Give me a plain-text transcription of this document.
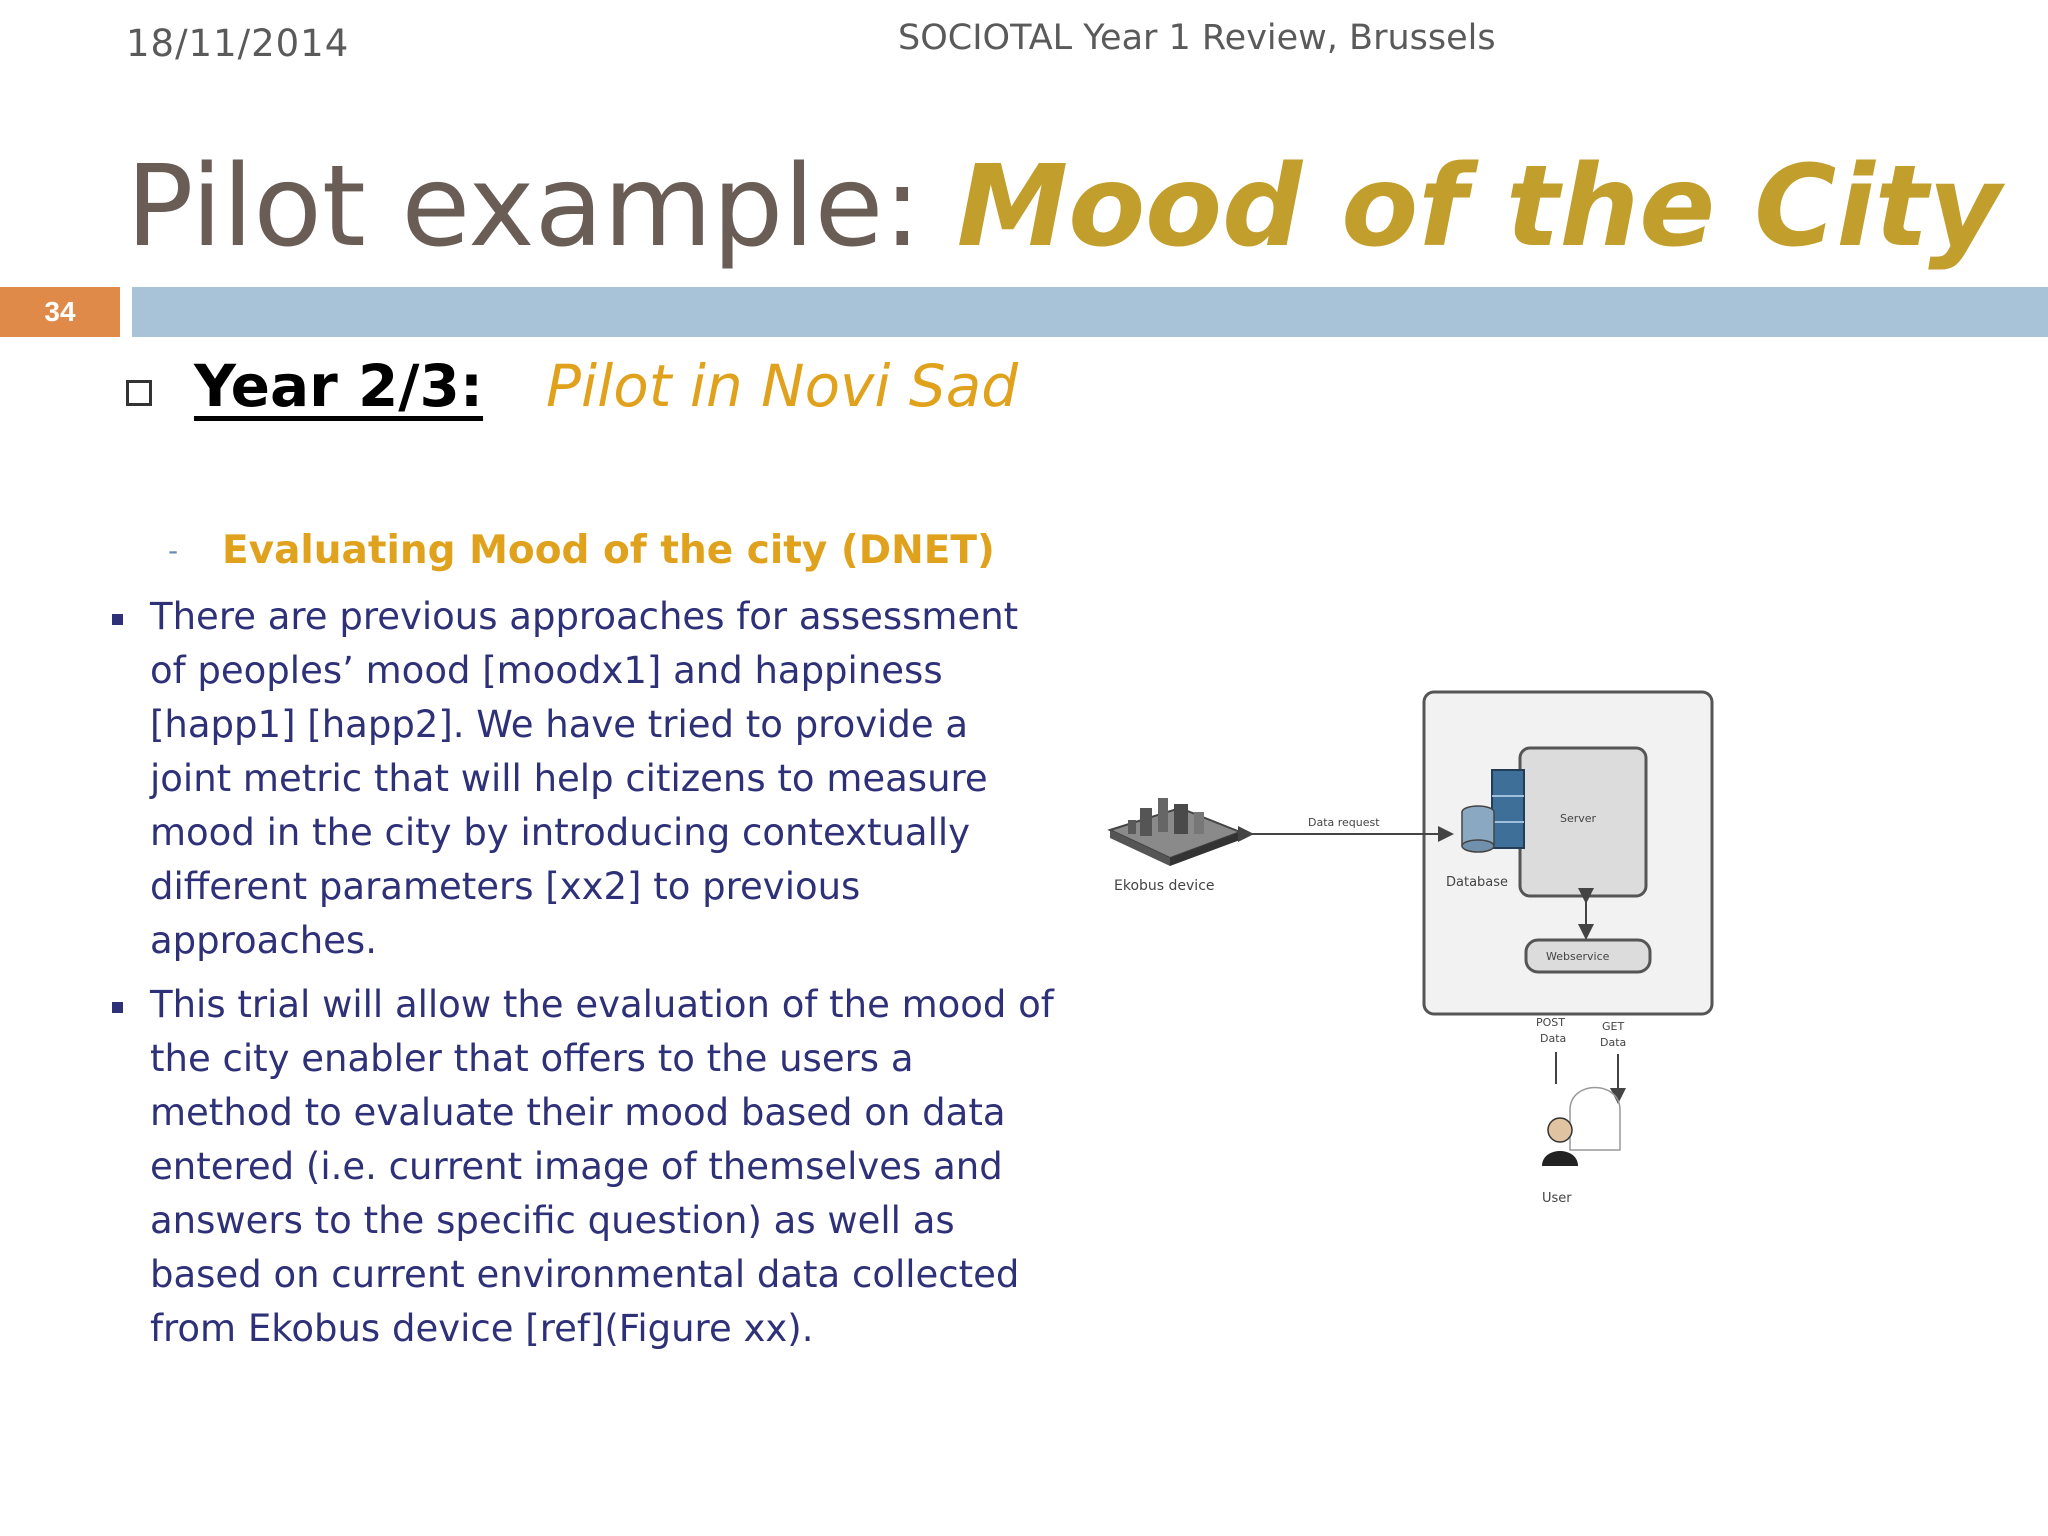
18/11/2014	SOCIOTAL Year 1 Review, Brussels
Pilot example: Mood of the City
34
Year 2/3: Pilot in Novi Sad
- Evaluating Mood of the city (DNET)
There are previous approaches for assessment of peoples’ mood [moodx1] and happiness [happ1] [happ2]. We have tried to provide a joint metric that will help citizens to measure mood in the city by introducing contextually different parameters [xx2] to previous approaches.
This trial will allow the evaluation of the mood of the city enabler that offers to the users a method to evaluate their mood based on data entered (i.e. current image of themselves and answers to the specific question) as well as based on current environmental data collected from Ekobus device [ref](Figure xx).
Server
Database
Webservice
Ekobus device
Data request
POST
Data
GET
Data
User
